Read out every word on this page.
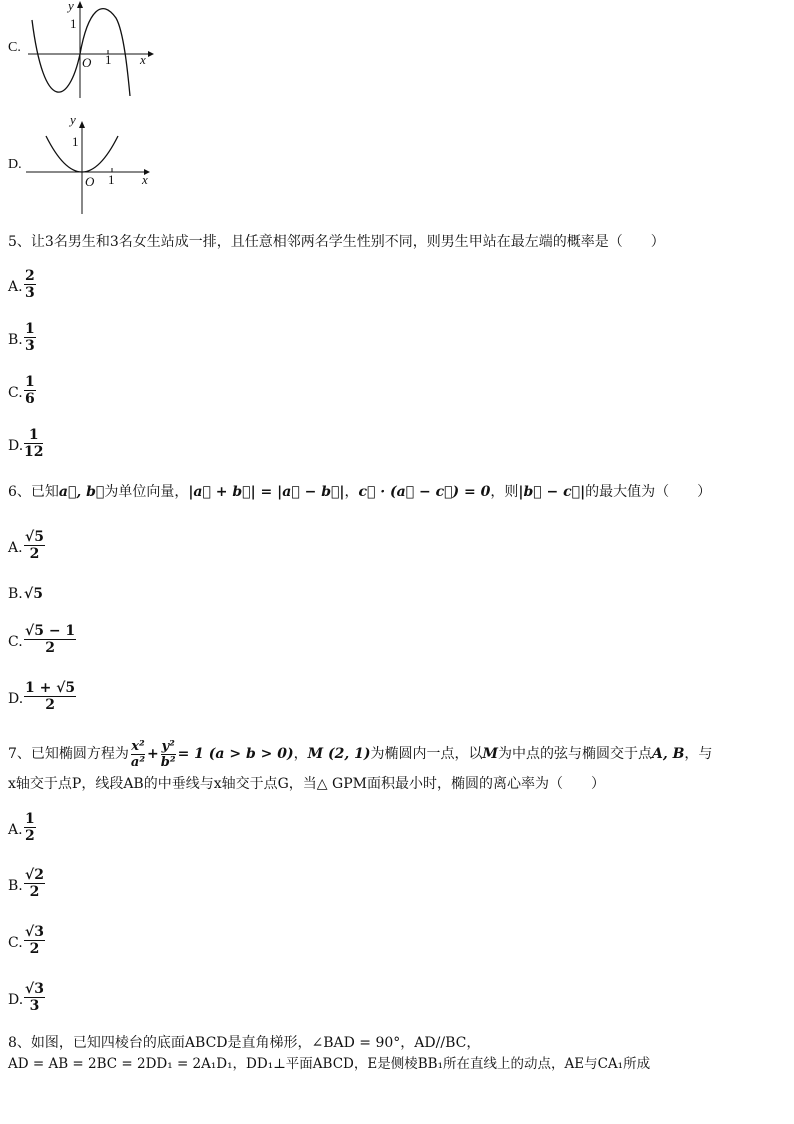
C.
y
1
O 1 x
D.
y
1
O 1 x
5、让3名男生和3名女生站成一排，且任意相邻两名学生性别不同，则男生甲站在最左端的概率是（　　）
A.
2
3
B.
1
3
C.
1
6
D.
1
12
6、已知a⃗, b⃗为单位向量，|a⃗ + b⃗| = |a⃗ − b⃗|，c⃗ · (a⃗ − c⃗) = 0，则|b⃗ − c⃗|的最大值为（　　）
A.
√5
2
B. √5
C.
√5 − 1
2
D.
1 + √5
2
7、已知椭圆方程为 $\frac{\text{x²}}{\text{a²}} + \frac{\text{y²}}{\text{b²}} = 1$ (a > b > 0)，M (2, 1)为椭圆内一点，以M为中点的弦与椭圆交于点A, B，与
x轴交于点P，线段AB的中垂线与x轴交于点G，当△ GPM面积最小时，椭圆的离心率为（　　）
A.
1
2
B.
√2
2
C.
√3
2
D.
√3
3
8、如图，已知四棱台的底面ABCD是直角梯形，∠BAD = 90°，AD//BC，
AD = AB = 2BC = 2DD₁ = 2A₁D₁，DD₁⊥平面ABCD，E是侧棱BB₁所在直线上的动点，AE与CA₁所成
